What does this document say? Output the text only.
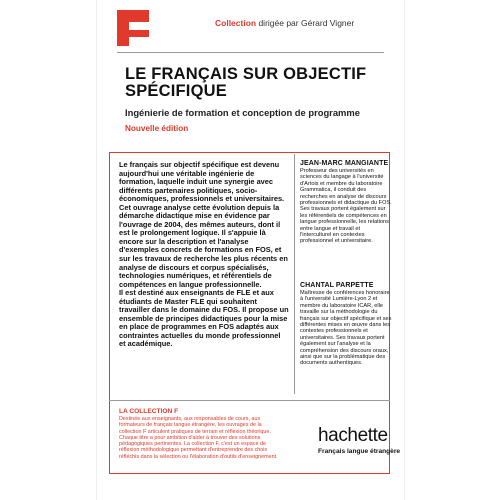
Collection dirigée par Gérard Vigner
LE FRANÇAIS SUR OBJECTIF
SPÉCIFIQUE
Ingénierie de formation et conception de programme
Nouvelle édition

Le français sur objectif spécifique est devenu aujourd'hui une véritable ingénierie de formation, laquelle induit une synergie avec différents partenaires politiques, socio-économiques, professionnels et universitaires.

Cet ouvrage analyse cette évolution depuis la démarche didactique mise en évidence par l'ouvrage de 2004, des mêmes auteurs, dont il est le prolongement logique. Il s'appuie là encore sur la description et l'analyse d'exemples concrets de formations en FOS, et sur les travaux de recherche les plus récents en analyse de discours et corpus spécialisés, technologies numériques, et référentiels de compétences en langue professionnelle.

Il est destiné aux enseignants de FLE et aux étudiants de Master FLE qui souhaitent travailler dans le domaine du FOS. Il propose un ensemble de principes didactiques pour la mise en place de programmes en FOS adaptés aux contraintes actuelles du monde professionnel et académique.

JEAN-MARC MANGIANTE

Professeur des universités en sciences du langage à l'université d'Artois et membre du laboratoire Grammatica, il conduit des recherches en analyse de discours professionnels et didactique du FOS. Ses travaux portent également sur les référentiels de compétences en langue professionnelle, les relations entre langue et travail et l'interculturel en contextes professionnel et universitaire.

CHANTAL PARPETTE

Maîtresse de conférences honoraire à l'université Lumière-Lyon 2 et membre du laboratoire ICAR, elle travaille sur la méthodologie du français sur objectif spécifique et ses différentes mises en œuvre dans les contextes professionnels et universitaires. Ses travaux portent également sur l'analyse et la compréhension des discours oraux, ainsi que sur la problématique des documents authentiques.

LA COLLECTION F

Destinée aux enseignants, aux responsables de cours, aux formateurs de français langue étrangère, les ouvrages de la collection F articulent pratiques de terrain et réflexion théorique.

Chaque titre a pour ambition d'aider à trouver des solutions pédagogiques pertinentes. La collection F, c'est un espace de réflexion méthodologique permettant d'entreprendre des choix réfléchis dans la sélection ou l'élaboration d'outils d'enseignement.

hachette
Français langue étrangère
